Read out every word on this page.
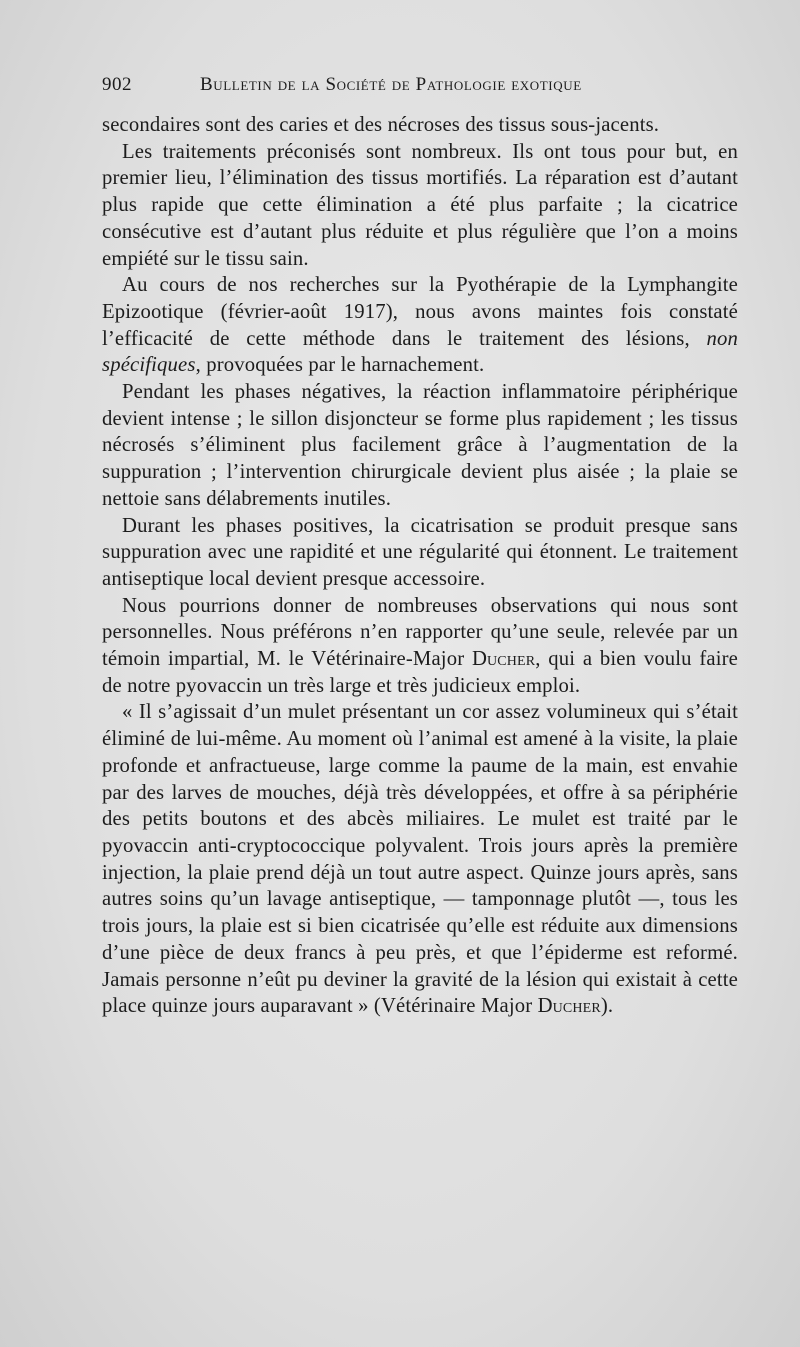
902	Bulletin de la Société de Pathologie exotique

secondaires sont des caries et des nécroses des tissus sous-jacents.

Les traitements préconisés sont nombreux. Ils ont tous pour but, en premier lieu, l’élimination des tissus mortifiés. La réparation est d’autant plus rapide que cette élimination a été plus parfaite ; la cicatrice consécutive est d’autant plus réduite et plus régulière que l’on a moins empiété sur le tissu sain.

Au cours de nos recherches sur la Pyothérapie de la Lymphangite Epizootique (février-août 1917), nous avons maintes fois constaté l’efficacité de cette méthode dans le traitement des lésions, non spécifiques, provoquées par le harnachement.

Pendant les phases négatives, la réaction inflammatoire périphérique devient intense ; le sillon disjoncteur se forme plus rapidement ; les tissus nécrosés s’éliminent plus facilement grâce à l’augmentation de la suppuration ; l’intervention chirurgicale devient plus aisée ; la plaie se nettoie sans délabrements inutiles.

Durant les phases positives, la cicatrisation se produit presque sans suppuration avec une rapidité et une régularité qui étonnent. Le traitement antiseptique local devient presque accessoire.

Nous pourrions donner de nombreuses observations qui nous sont personnelles. Nous préférons n’en rapporter qu’une seule, relevée par un témoin impartial, M. le Vétérinaire-Major Ducher, qui a bien voulu faire de notre pyovaccin un très large et très judicieux emploi.

« Il s’agissait d’un mulet présentant un cor assez volumineux qui s’était éliminé de lui-même. Au moment où l’animal est amené à la visite, la plaie profonde et anfractueuse, large comme la paume de la main, est envahie par des larves de mouches, déjà très développées, et offre à sa périphérie des petits boutons et des abcès miliaires. Le mulet est traité par le pyovaccin anti-cryptococcique polyvalent. Trois jours après la première injection, la plaie prend déjà un tout autre aspect. Quinze jours après, sans autres soins qu’un lavage antiseptique, — tamponnage plutôt —, tous les trois jours, la plaie est si bien cicatrisée qu’elle est réduite aux dimensions d’une pièce de deux francs à peu près, et que l’épiderme est reformé. Jamais personne n’eût pu deviner la gravité de la lésion qui existait à cette place quinze jours auparavant » (Vétérinaire Major Ducher).
